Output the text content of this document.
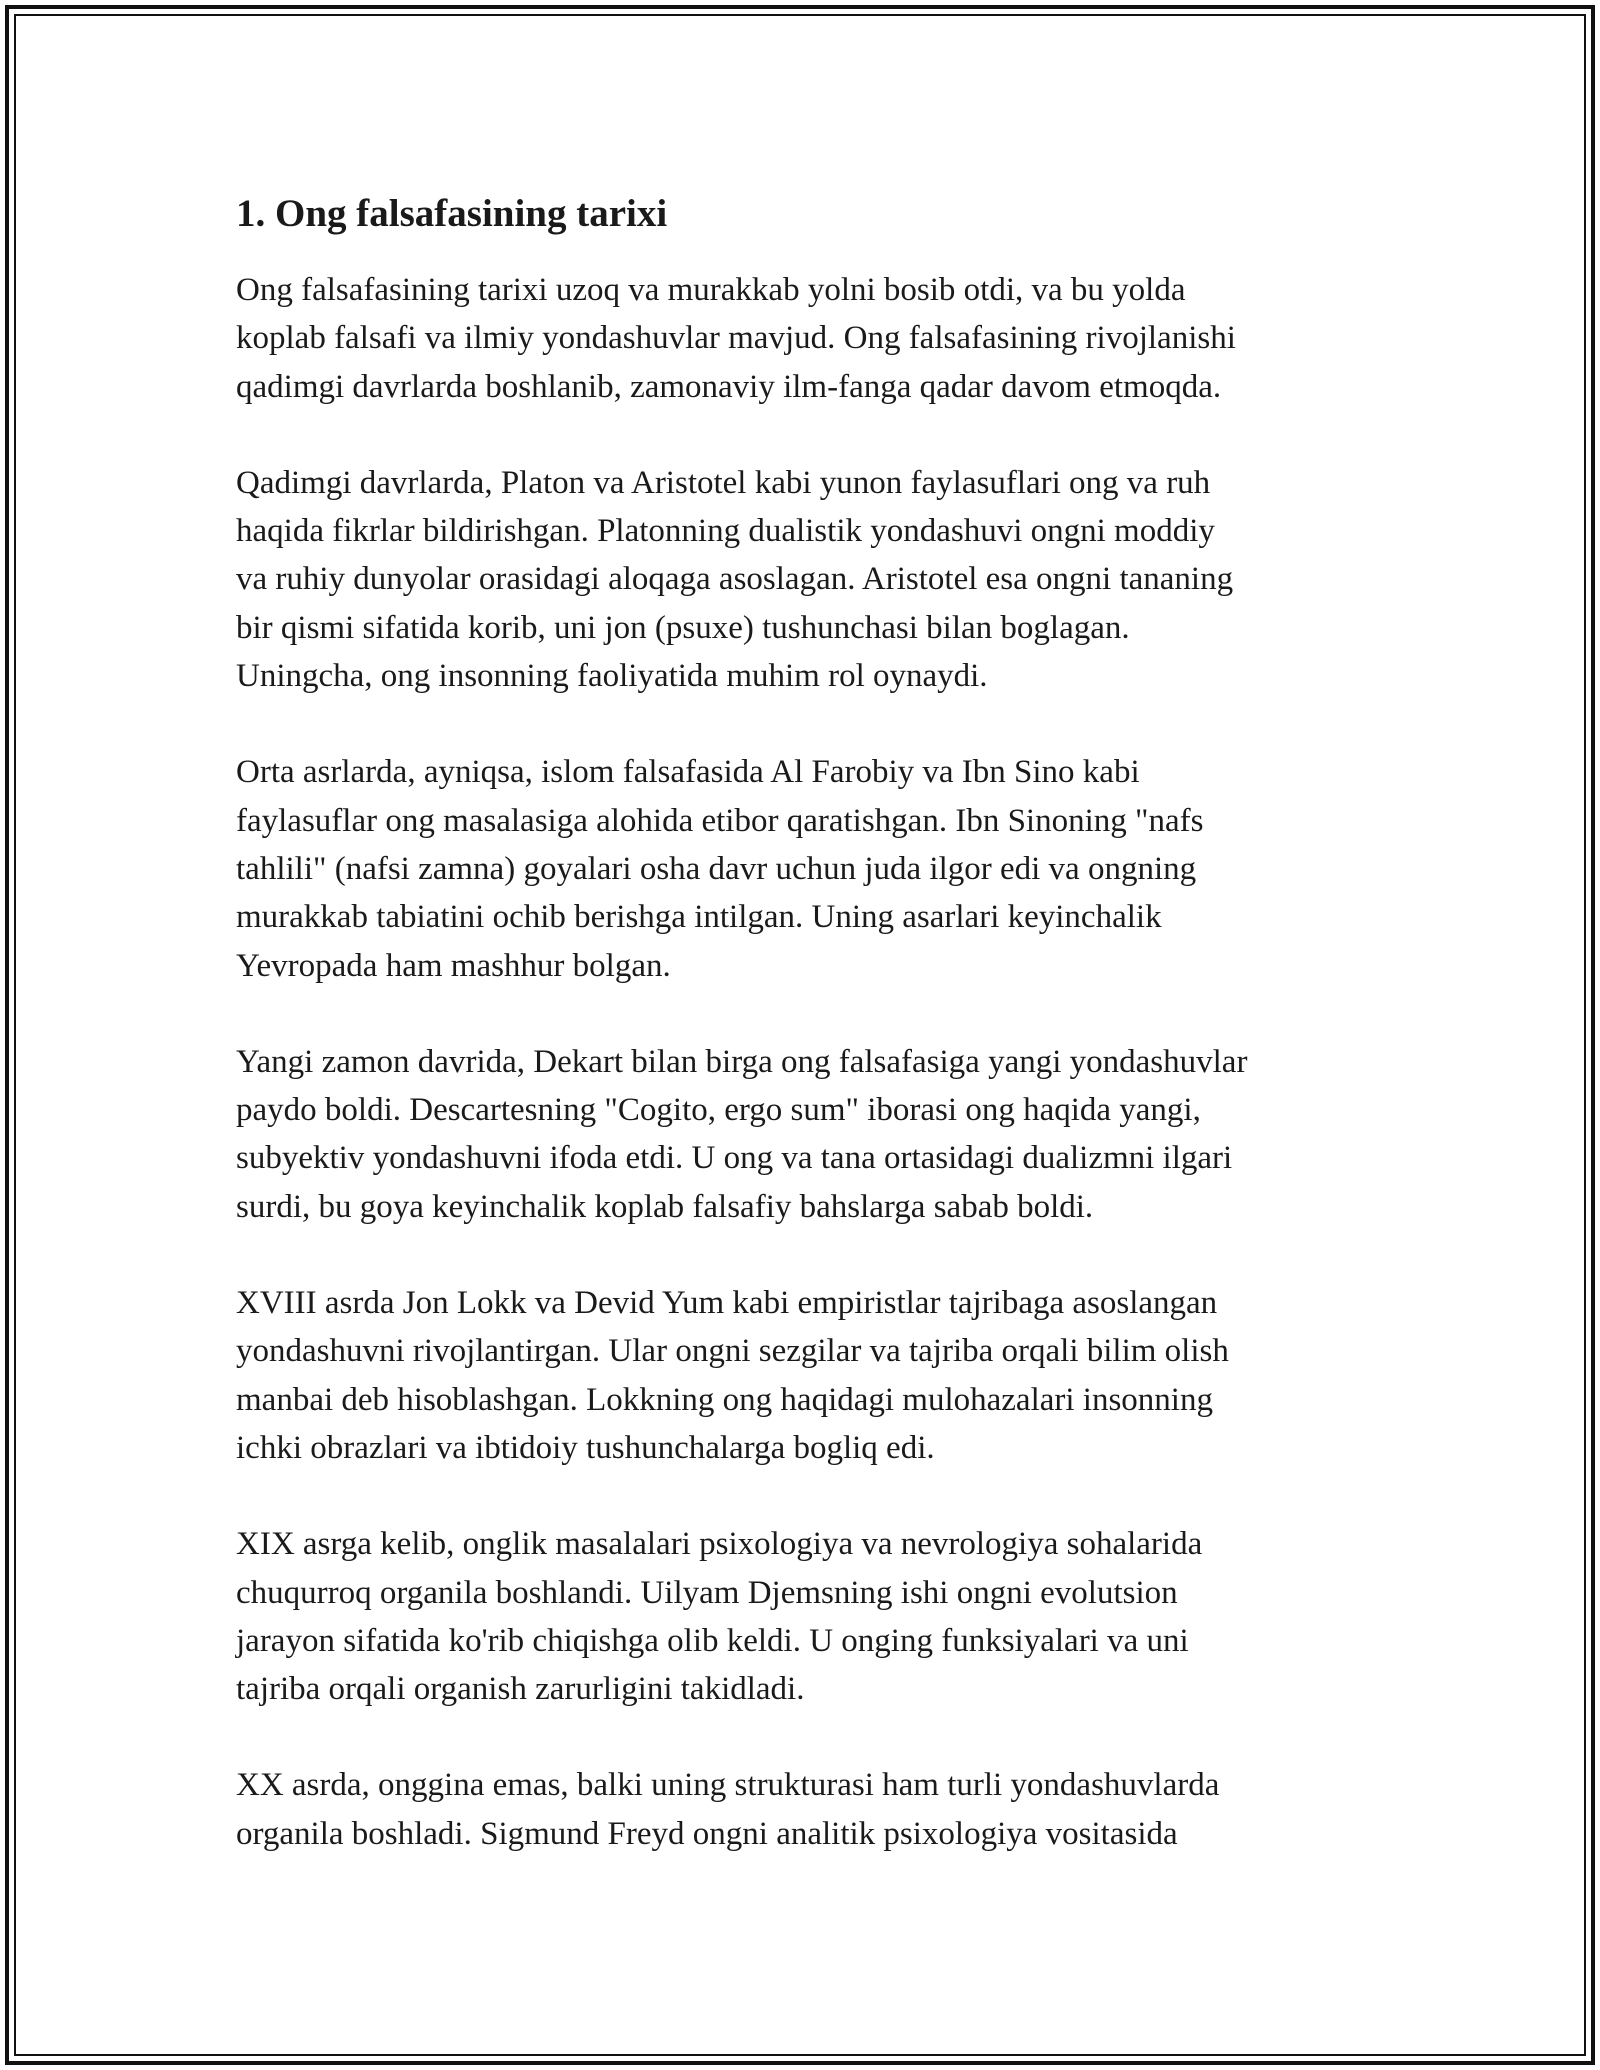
1. Ong falsafasining tarixi

Ong falsafasining tarixi uzoq va murakkab yolni bosib otdi, va bu yolda
koplab falsafi va ilmiy yondashuvlar mavjud. Ong falsafasining rivojlanishi
qadimgi davrlarda boshlanib, zamonaviy ilm-fanga qadar davom etmoqda.

Qadimgi davrlarda, Platon va Aristotel kabi yunon faylasuflari ong va ruh
haqida fikrlar bildirishgan. Platonning dualistik yondashuvi ongni moddiy
va ruhiy dunyolar orasidagi aloqaga asoslagan. Aristotel esa ongni tananing
bir qismi sifatida korib, uni jon (psuxe) tushunchasi bilan boglagan.
Uningcha, ong insonning faoliyatida muhim rol oynaydi.

Orta asrlarda, ayniqsa, islom falsafasida Al Farobiy va Ibn Sino kabi
faylasuflar ong masalasiga alohida etibor qaratishgan. Ibn Sinoning "nafs
tahlili" (nafsi zamna) goyalari osha davr uchun juda ilgor edi va ongning
murakkab tabiatini ochib berishga intilgan. Uning asarlari keyinchalik
Yevropada ham mashhur bolgan.

Yangi zamon davrida, Dekart bilan birga ong falsafasiga yangi yondashuvlar
paydo boldi. Descartesning "Cogito, ergo sum" iborasi ong haqida yangi,
subyektiv yondashuvni ifoda etdi. U ong va tana ortasidagi dualizmni ilgari
surdi, bu goya keyinchalik koplab falsafiy bahslarga sabab boldi.

XVIII asrda Jon Lokk va Devid Yum kabi empiristlar tajribaga asoslangan
yondashuvni rivojlantirgan. Ular ongni sezgilar va tajriba orqali bilim olish
manbai deb hisoblashgan. Lokkning ong haqidagi mulohazalari insonning
ichki obrazlari va ibtidoiy tushunchalarga bogliq edi.

XIX asrga kelib, onglik masalalari psixologiya va nevrologiya sohalarida
chuqurroq organila boshlandi. Uilyam Djemsning ishi ongni evolutsion
jarayon sifatida ko'rib chiqishga olib keldi. U onging funksiyalari va uni
tajriba orqali organish zarurligini takidladi.

XX asrda, onggina emas, balki uning strukturasi ham turli yondashuvlarda
organila boshladi. Sigmund Freyd ongni analitik psixologiya vositasida
